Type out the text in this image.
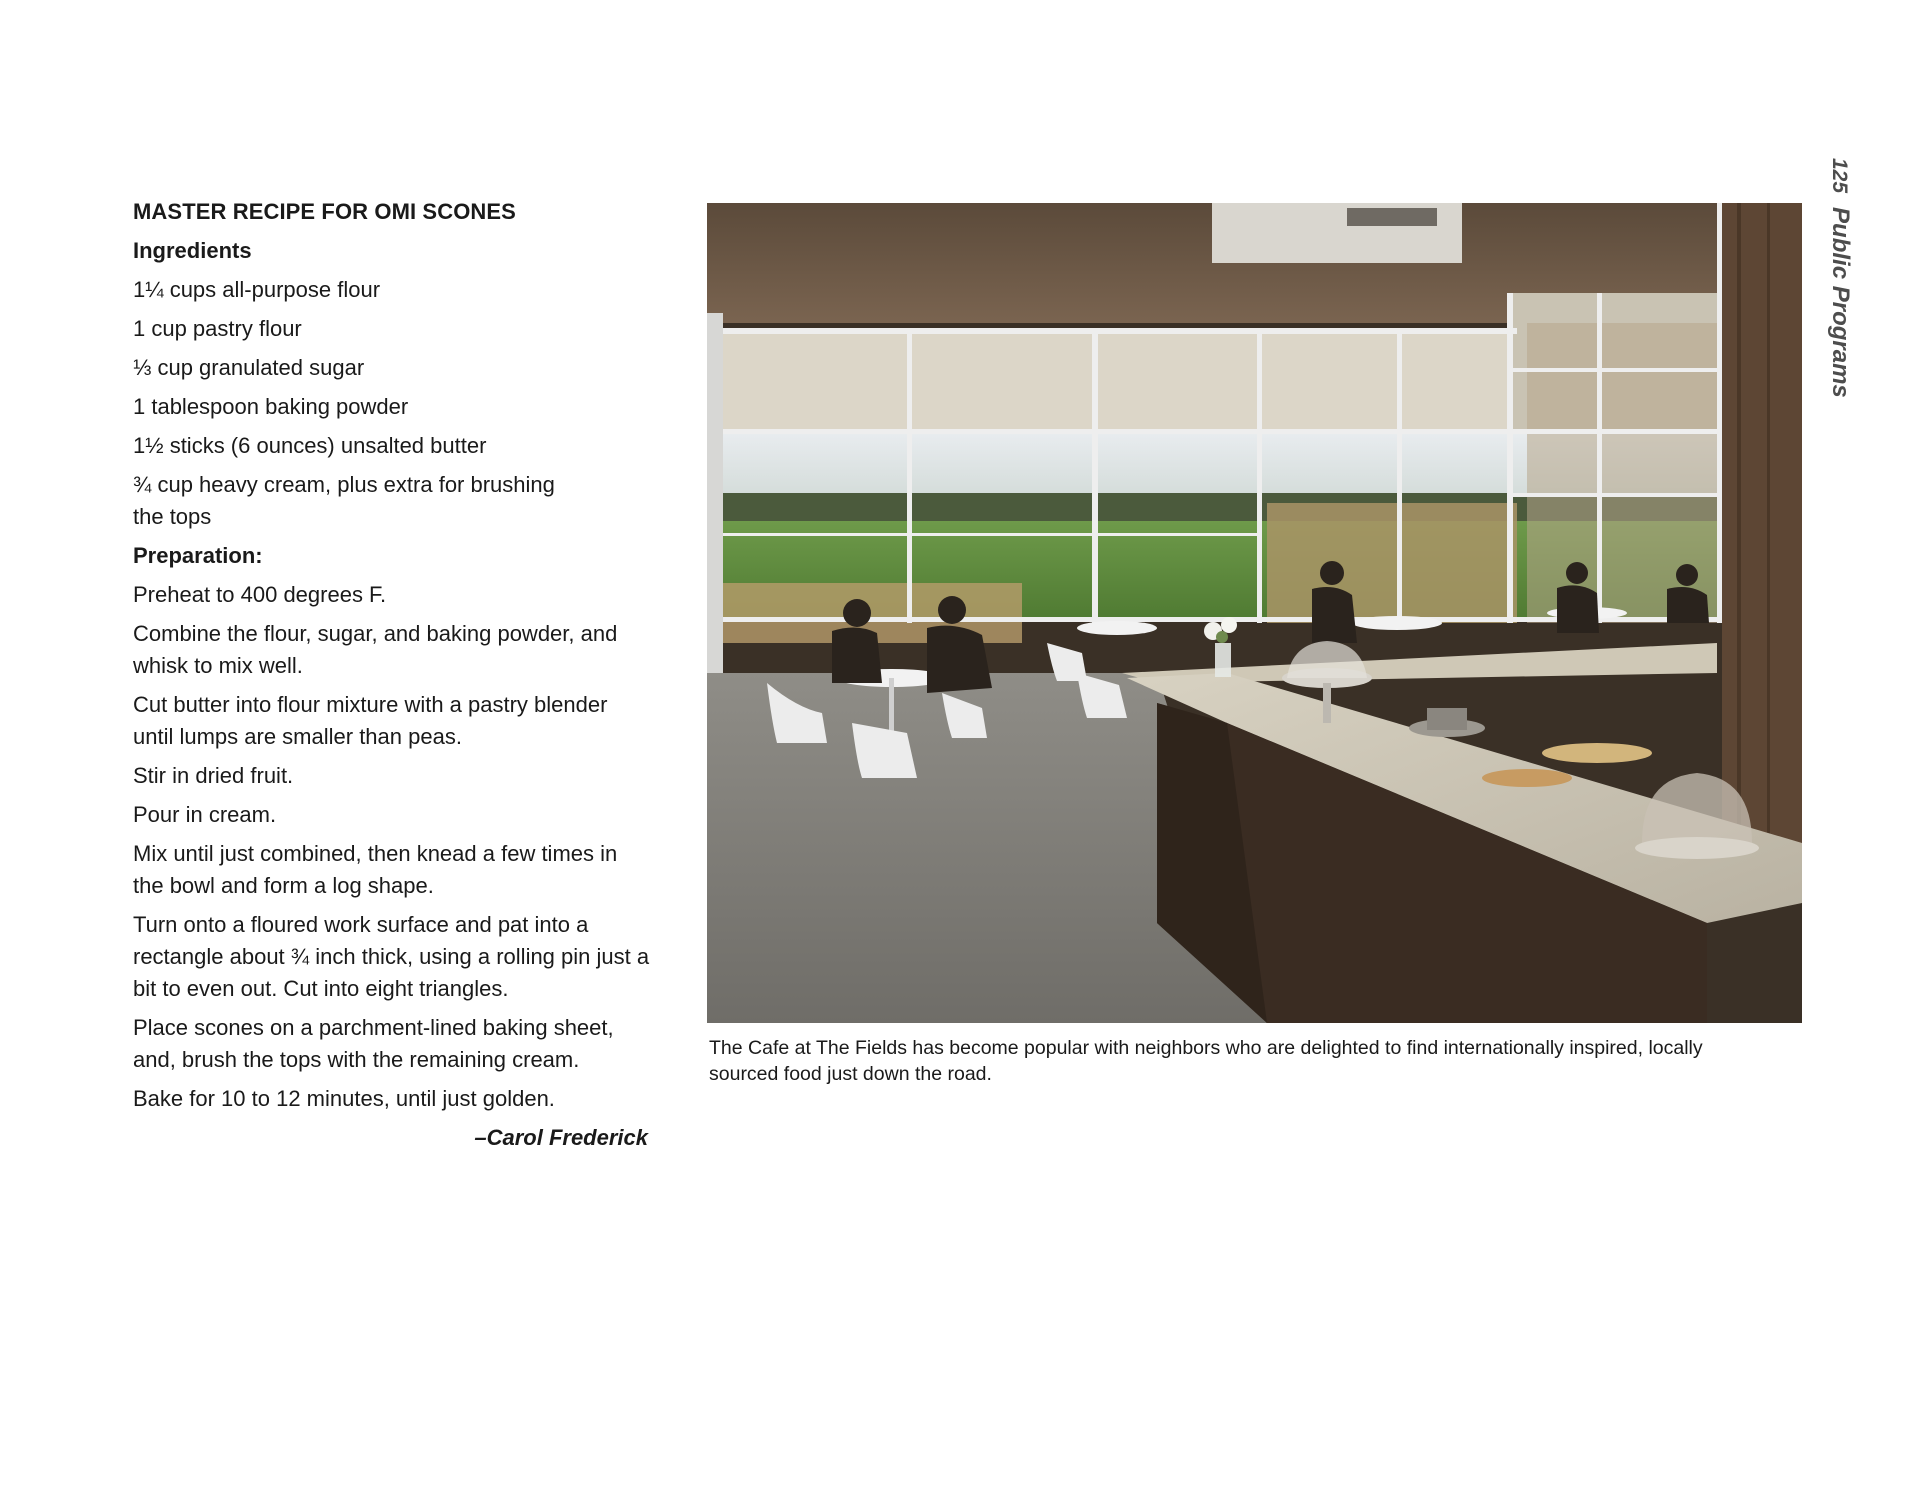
125Public Programs
MASTER RECIPE FOR OMI SCONES
Ingredients
1¼ cups all-purpose flour
1 cup pastry flour
⅓ cup granulated sugar
1 tablespoon baking powder
1½ sticks (6 ounces) unsalted butter
¾ cup heavy cream, plus extra for brushing the tops
Preparation:
Preheat to 400 degrees F.
Combine the flour, sugar, and baking powder, and whisk to mix well.
Cut butter into flour mixture with a pastry blender until lumps are smaller than peas.
Stir in dried fruit.
Pour in cream.
Mix until just combined, then knead a few times in the bowl and form a log shape.
Turn onto a floured work surface and pat into a rectangle about ¾ inch thick, using a rolling pin just a bit to even out. Cut into eight triangles.
Place scones on a parchment-lined baking sheet, and, brush the tops with the remaining cream.
Bake for 10 to 12 minutes, until just golden.
–Carol Frederick
The Cafe at The Fields has become popular with neighbors who are delighted to find internationally inspired, locally sourced food just down the road.
